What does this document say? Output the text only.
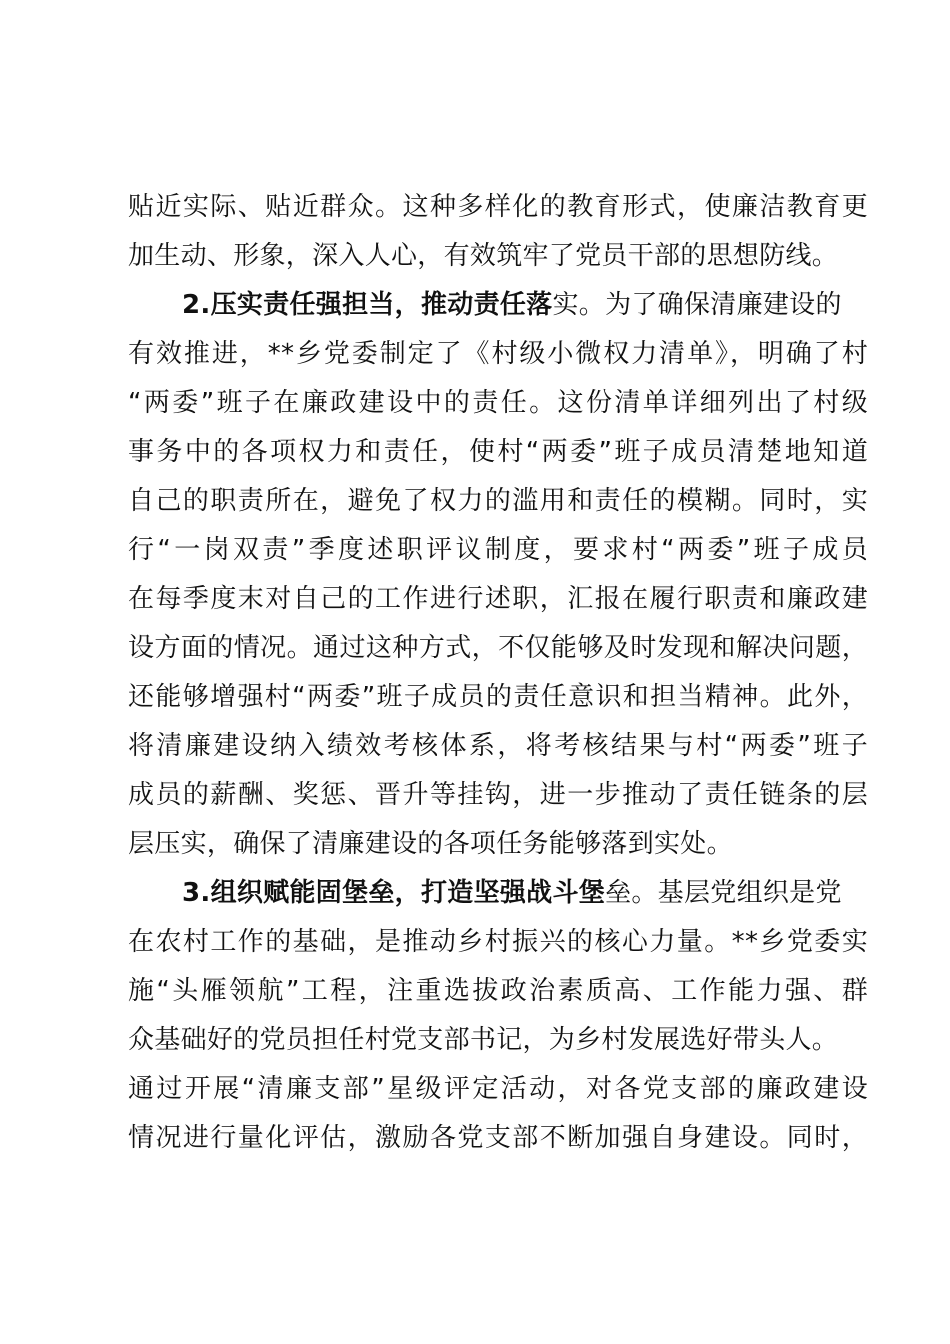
贴近实际、贴近群众。这种多样化的教育形式，使廉洁教育更
加生动、形象，深入人心，有效筑牢了党员干部的思想防线。
2.压实责任强担当，推动责任落实。为了确保清廉建设的
有效推进，**乡党委制定了《村级小微权力清单》，明确了村
“两委”班子在廉政建设中的责任。这份清单详细列出了村级
事务中的各项权力和责任，使村“两委”班子成员清楚地知道
自己的职责所在，避免了权力的滥用和责任的模糊。同时，实
行“一岗双责”季度述职评议制度，要求村“两委”班子成员
在每季度末对自己的工作进行述职，汇报在履行职责和廉政建
设方面的情况。通过这种方式，不仅能够及时发现和解决问题，
还能够增强村“两委”班子成员的责任意识和担当精神。此外，
将清廉建设纳入绩效考核体系，将考核结果与村“两委”班子
成员的薪酬、奖惩、晋升等挂钩，进一步推动了责任链条的层
层压实，确保了清廉建设的各项任务能够落到实处。
3.组织赋能固堡垒，打造坚强战斗堡垒。基层党组织是党
在农村工作的基础，是推动乡村振兴的核心力量。**乡党委实
施“头雁领航”工程，注重选拔政治素质高、工作能力强、群
众基础好的党员担任村党支部书记，为乡村发展选好带头人。
通过开展“清廉支部”星级评定活动，对各党支部的廉政建设
情况进行量化评估，激励各党支部不断加强自身建设。同时，
